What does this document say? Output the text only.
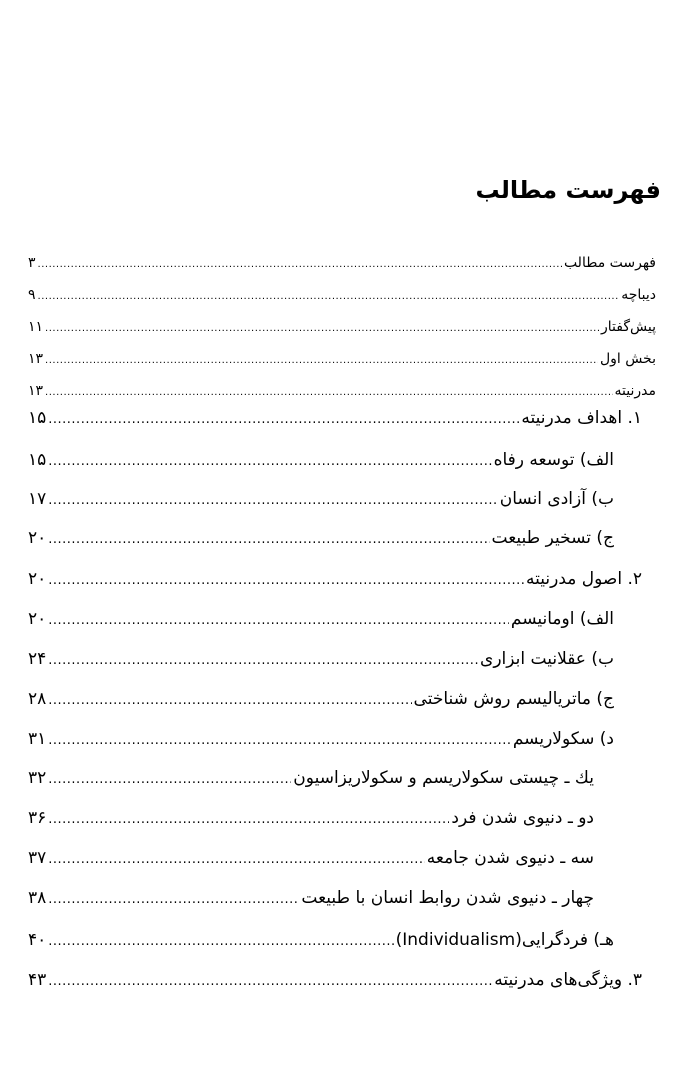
فهرست مطالب
۳ .....	فهرست مطالب
۹ .....	دیباچه
۱۱ .....	پیش‌گفتار
۱۳ .....	بخش اول
۱۳ .....	مدرنیته
۱۵ .....	۱. اهداف مدرنیته
۱۵ .....	الف) توسعه رفاه
۱۷ .....	ب) آزادی انسان
۲۰ .....	ج) تسخیر طبیعت
۲۰ .....	۲. اصول مدرنیته
۲۰ .....	الف) اومانیسم
۲۴ .....	ب) عقلانیت ابزاری
۲۸ .....	ج) ماتریالیسم روش شناختی
۳۱ .....	د) سکولاریسم
۳۲ .....	یك ـ چیستی سکولاریسم و سکولاریزاسیون
۳۶ .....	دو ـ دنیوی شدن فرد
۳۷ .....	سه ـ دنیوی شدن جامعه
۳۸ .....	چهار ـ دنیوی شدن روابط انسان با طبیعت
۴۰ .....	هـ) فردگرایی(Individualism)
۴۳ .....	۳. ویژگی‌های مدرنیته
